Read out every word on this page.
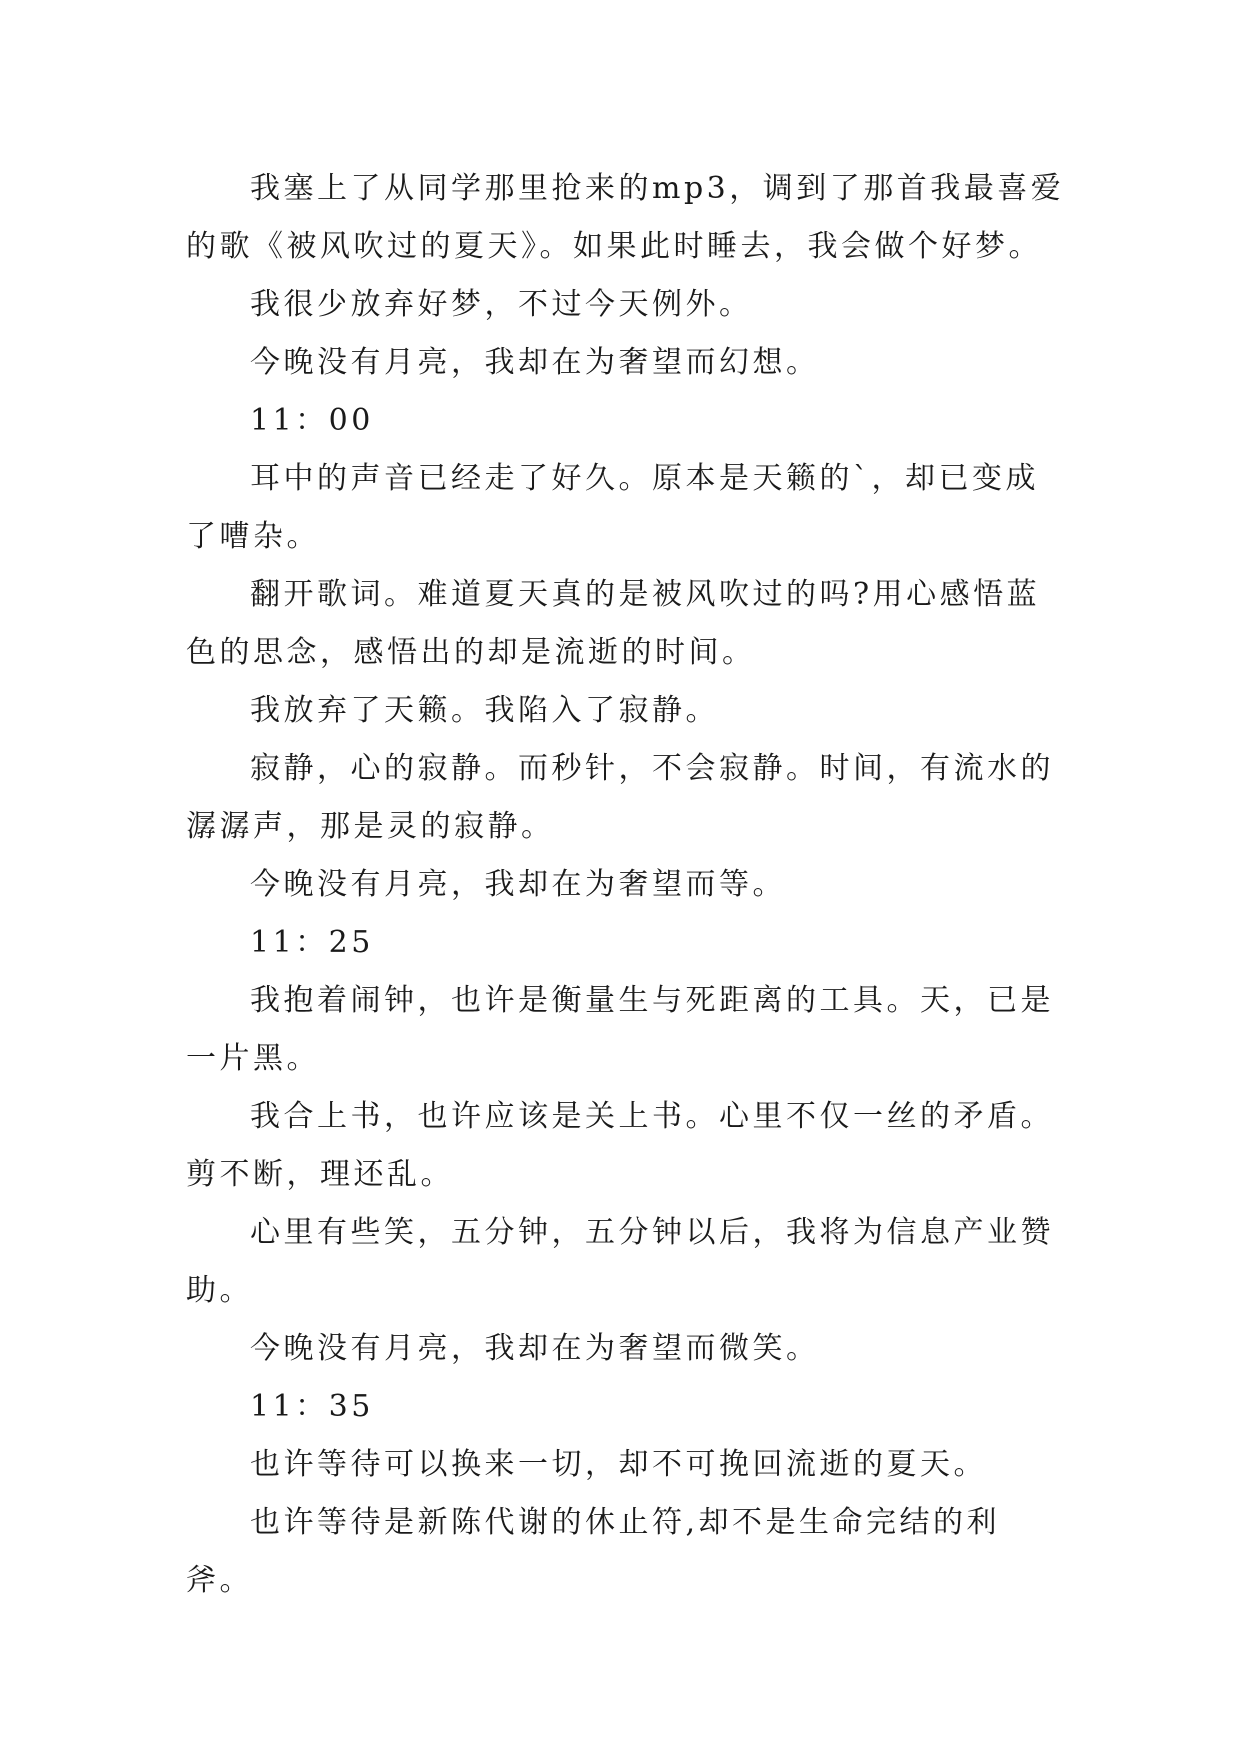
我塞上了从同学那里抢来的mp3，调到了那首我最喜爱的歌《被风吹过的夏天》。如果此时睡去，我会做个好梦。

我很少放弃好梦，不过今天例外。

今晚没有月亮，我却在为奢望而幻想。

11：00

耳中的声音已经走了好久。原本是天籁的`，却已变成了嘈杂。

翻开歌词。难道夏天真的是被风吹过的吗?用心感悟蓝色的思念，感悟出的却是流逝的时间。

我放弃了天籁。我陷入了寂静。

寂静，心的寂静。而秒针，不会寂静。时间，有流水的潺潺声，那是灵的寂静。

今晚没有月亮，我却在为奢望而等。

11：25

我抱着闹钟，也许是衡量生与死距离的工具。天，已是一片黑。

我合上书，也许应该是关上书。心里不仅一丝的矛盾。剪不断，理还乱。

心里有些笑，五分钟，五分钟以后，我将为信息产业赞助。

今晚没有月亮，我却在为奢望而微笑。

11：35

也许等待可以换来一切，却不可挽回流逝的夏天。

也许等待是新陈代谢的休止符,却不是生命完结的利斧。
